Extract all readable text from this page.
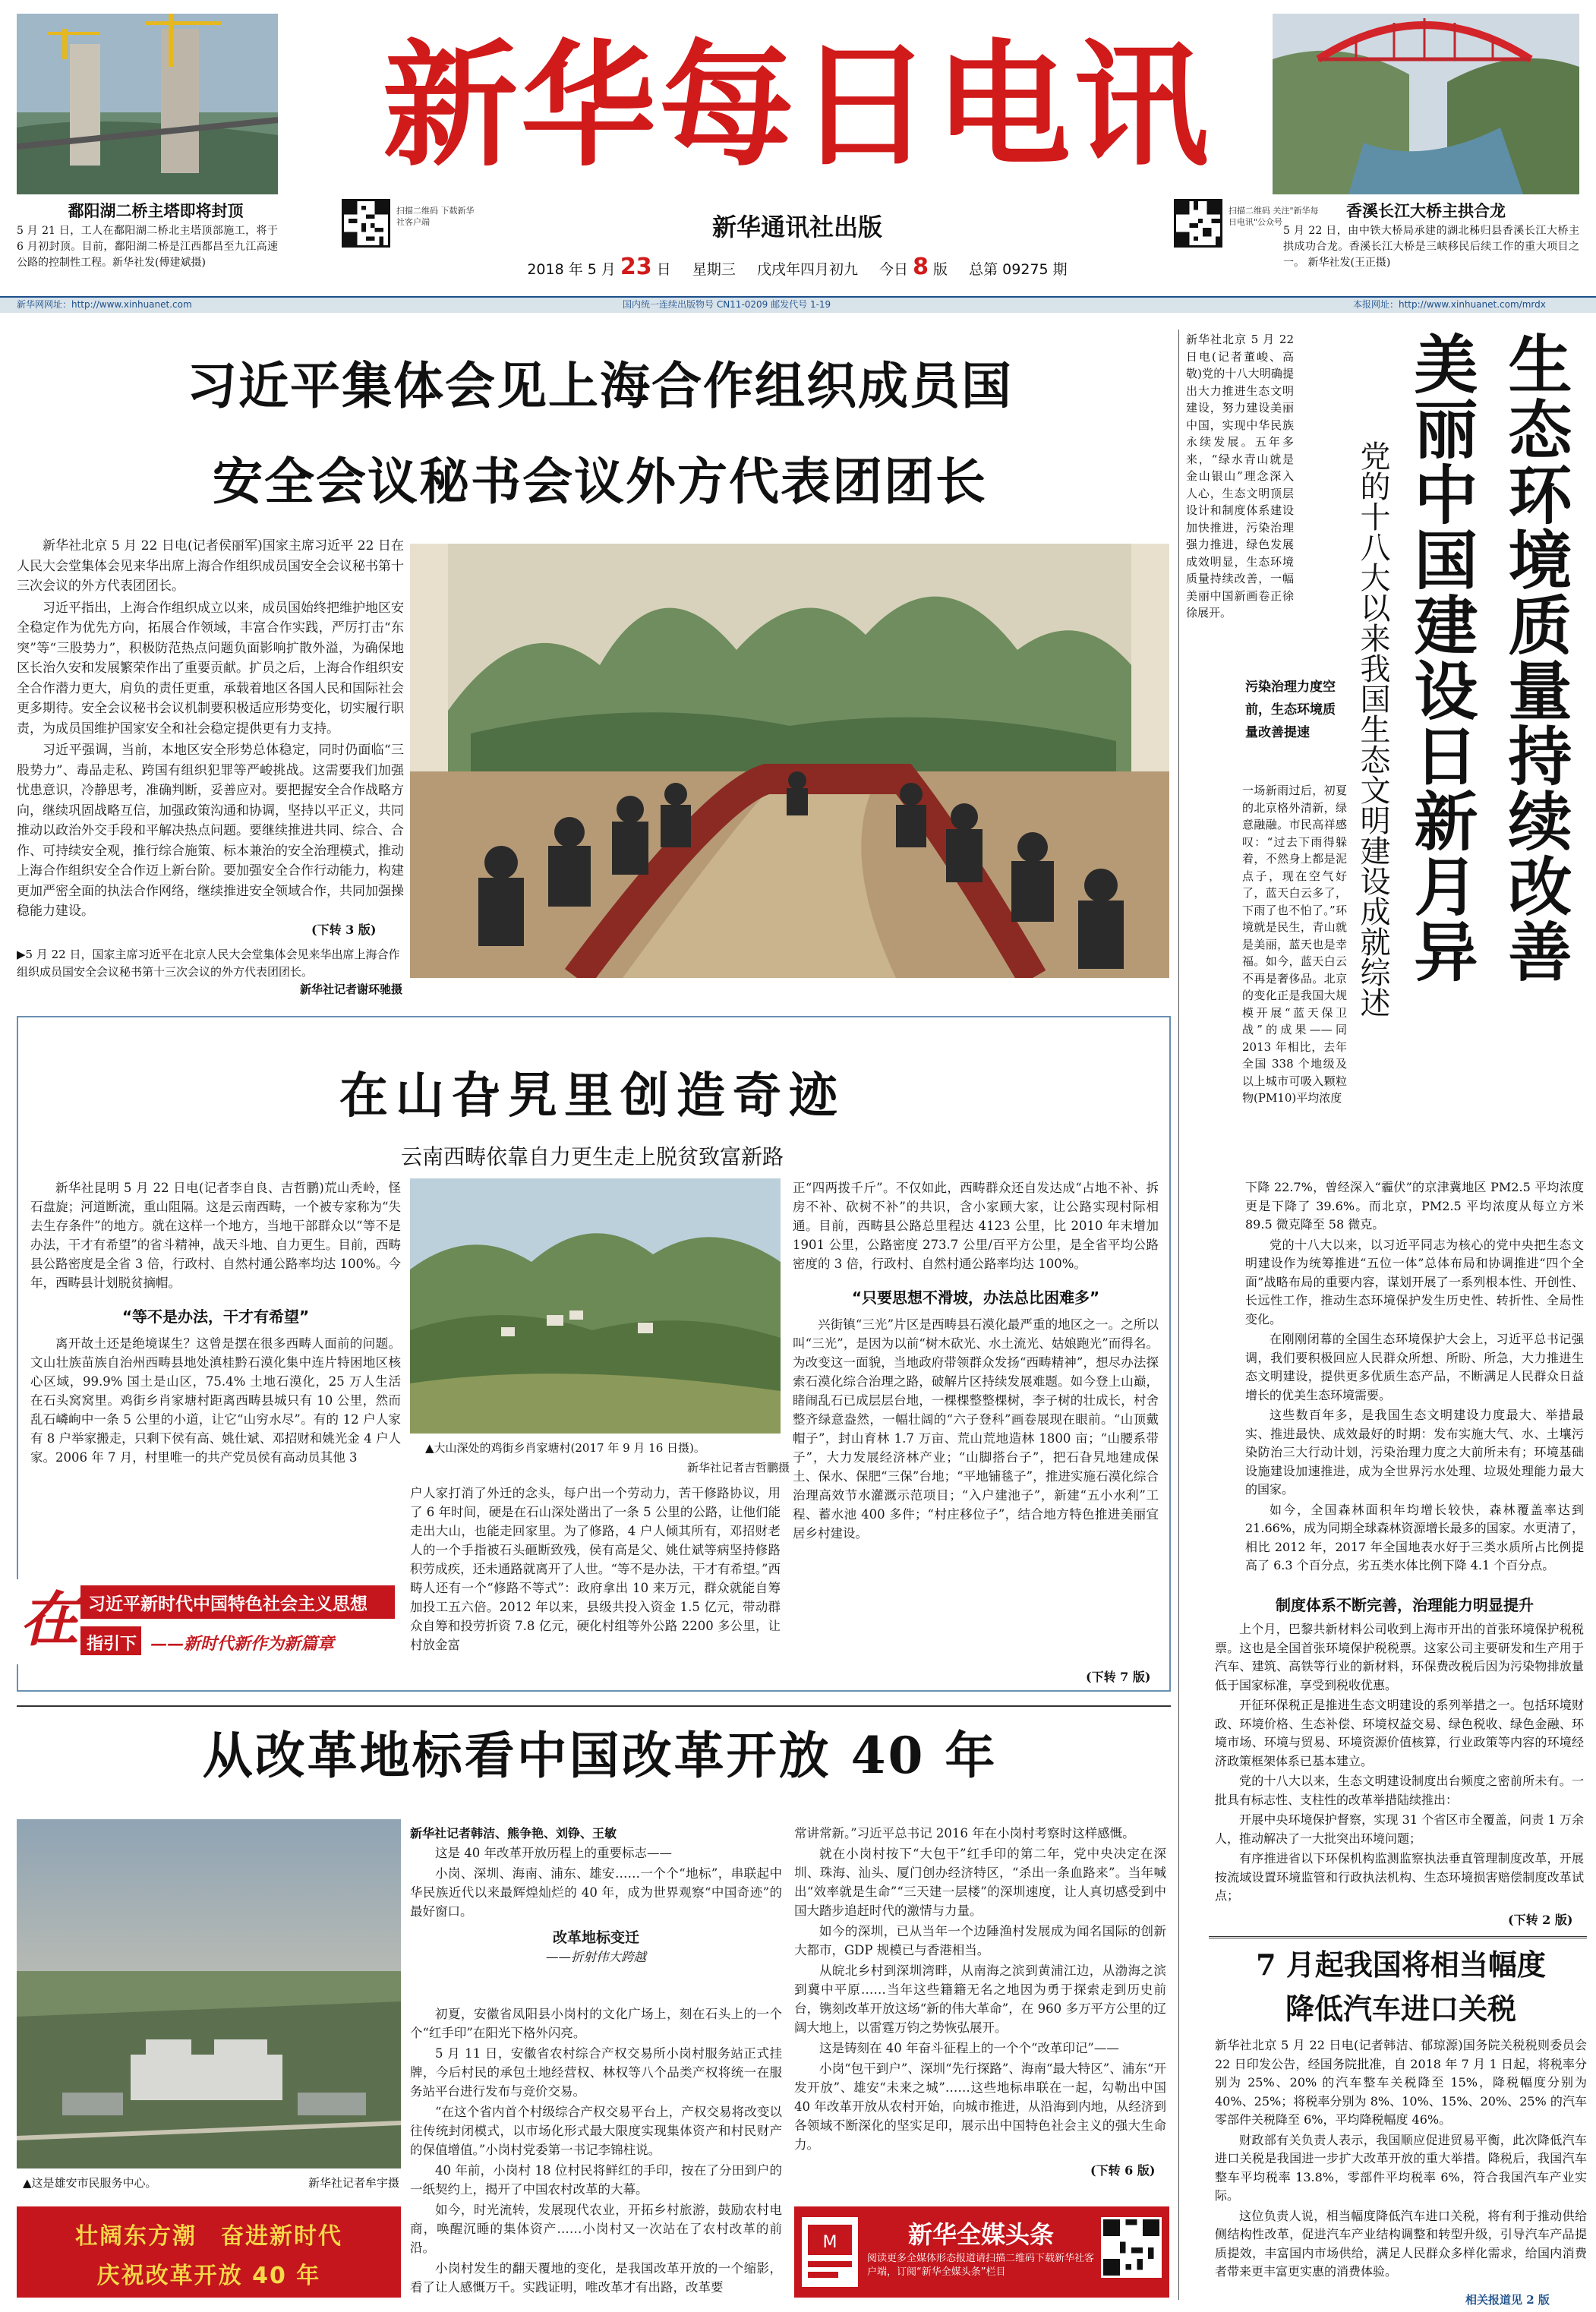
鄱阳湖二桥主塔即将封顶
5 月 21 日，工人在鄱阳湖二桥北主塔顶部施工，将于 6 月初封顶。目前，鄱阳湖二桥是江西都昌至九江高速公路的控制性工程。新华社发(傅建斌摄)
新华每日电讯
扫描二维码 下载新华社客户端
扫描二维码 关注"新华每日电讯"公众号
新华通讯社出版
2018 年 5 月 23 日 星期三 戊戌年四月初九 今日 8 版 总第 09275 期
香溪长江大桥主拱合龙
5 月 22 日，由中铁大桥局承建的湖北秭归县香溪长江大桥主拱成功合龙。香溪长江大桥是三峡移民后续工作的重大项目之一。 新华社发(王正摄)
新华网网址：http://www.xinhuanet.com	国内统一连续出版物号 CN11-0209 邮发代号 1-19	本报网址：http://www.xinhuanet.com/mrdx
习近平集体会见上海合作组织成员国
安全会议秘书会议外方代表团团长

新华社北京 5 月 22 日电(记者侯丽军)国家主席习近平 22 日在人民大会堂集体会见来华出席上海合作组织成员国安全会议秘书第十三次会议的外方代表团团长。

习近平指出，上海合作组织成立以来，成员国始终把维护地区安全稳定作为优先方向，拓展合作领域，丰富合作实践，严厉打击“东突”等“三股势力”，积极防范热点问题负面影响扩散外溢，为确保地区长治久安和发展繁荣作出了重要贡献。扩员之后，上海合作组织安全合作潜力更大，肩负的责任更重，承载着地区各国人民和国际社会更多期待。安全会议秘书会议机制要积极适应形势变化，切实履行职责，为成员国维护国家安全和社会稳定提供更有力支持。

习近平强调，当前，本地区安全形势总体稳定，同时仍面临“三股势力”、毒品走私、跨国有组织犯罪等严峻挑战。这需要我们加强忧患意识，冷静思考，准确判断，妥善应对。要把握安全合作战略方向，继续巩固战略互信，加强政策沟通和协调，坚持以平正义，共同推动以政治外交手段和平解决热点问题。要继续推进共同、综合、合作、可持续安全观，推行综合施策、标本兼治的安全治理模式，推动上海合作组织安全合作迈上新台阶。要加强安全合作行动能力，构建更加严密全面的执法合作网络，继续推进安全领域合作，共同加强操稳能力建设。

(下转 3 版)
▶5 月 22 日，国家主席习近平在北京人民大会堂集体会见来华出席上海合作组织成员国安全会议秘书第十三次会议的外方代表团团长。
新华社记者谢环驰摄
新华社北京 5 月 22 日电(记者董峻、高敬)党的十八大明确提出大力推进生态文明建设，努力建设美丽中国，实现中华民族永续发展。五年多来，“绿水青山就是金山银山”理念深入人心，生态文明顶层设计和制度体系建设加快推进，污染治理强力推进，绿色发展成效明显，生态环境质量持续改善，一幅美丽中国新画卷正徐徐展开。	生态环境质量持续改善
美丽中国建设日新月异
党的十八大以来我国生态文明建设成就综述
污染治理力度空前，生态环境质量改善提速
一场新雨过后，初夏的北京格外清新，绿意融融。市民高祥感叹：“过去下雨得躲着，不然身上都是泥点子，现在空气好了，蓝天白云多了，下雨了也不怕了。”环境就是民生，青山就是美丽，蓝天也是幸福。如今，蓝天白云不再是奢侈品。北京的变化正是我国大规模开展“蓝天保卫战”的成果——同 2013 年相比，去年全国 338 个地级及以上城市可吸入颗粒物(PM10)平均浓度

下降 22.7%，曾经深入“霾伏”的京津冀地区 PM2.5 平均浓度更是下降了 39.6%。而北京，PM2.5 平均浓度从每立方米 89.5 微克降至 58 微克。

党的十八大以来，以习近平同志为核心的党中央把生态文明建设作为统筹推进“五位一体”总体布局和协调推进“四个全面”战略布局的重要内容，谋划开展了一系列根本性、开创性、长远性工作，推动生态环境保护发生历史性、转折性、全局性变化。

在刚刚闭幕的全国生态环境保护大会上，习近平总书记强调，我们要积极回应人民群众所想、所盼、所急，大力推进生态文明建设，提供更多优质生态产品，不断满足人民群众日益增长的优美生态环境需要。

这些数百年多，是我国生态文明建设力度最大、举措最实、推进最快、成效最好的时期：发布实施大气、水、土壤污染防治三大行动计划，污染治理力度之大前所未有；环境基础设施建设加速推进，成为全世界污水处理、垃圾处理能力最大的国家。

如今，全国森林面积年均增长较快，森林覆盖率达到 21.66%，成为同期全球森林资源增长最多的国家。水更清了，相比 2012 年，2017 年全国地表水好于三类水质所占比例提高了 6.3 个百分点，劣五类水体比例下降 4.1 个百分点。

制度体系不断完善，治理能力明显提升

上个月，巴黎共新材料公司收到上海市开出的首张环境保护税税票。这也是全国首张环境保护税税票。这家公司主要研发和生产用于汽车、建筑、高铁等行业的新材料，环保费改税后因为污染物排放量低于国家标准，享受到税收优惠。

开征环保税正是推进生态文明建设的系列举措之一。包括环境财政、环境价格、生态补偿、环境权益交易、绿色税收、绿色金融、环境市场、环境与贸易、环境资源价值核算，行业政策等内容的环境经济政策框架体系已基本建立。

党的十八大以来，生态文明建设制度出台频度之密前所未有。一批具有标志性、支柱性的改革举措陆续推出：

开展中央环境保护督察，实现 31 个省区市全覆盖，问责 1 万余人，推动解决了一大批突出环境问题；

有序推进省以下环保机构监测监察执法垂直管理制度改革，开展按流域设置环境监管和行政执法机构、生态环境损害赔偿制度改革试点；

(下转 2 版)
7 月起我国将相当幅度
降低汽车进口关税

新华社北京 5 月 22 日电(记者韩洁、郁琼源)国务院关税税则委员会 22 日印发公告，经国务院批准，自 2018 年 7 月 1 日起，将税率分别为 25%、20% 的汽车整车关税降至 15%，降税幅度分别为 40%、25%；将税率分别为 8%、10%、15%、20%、25% 的汽车零部件关税降至 6%，平均降税幅度 46%。

财政部有关负责人表示，我国顺应促进贸易平衡，此次降低汽车进口关税是我国进一步扩大改革开放的重大举措。降税后，我国汽车整车平均税率 13.8%，零部件平均税率 6%，符合我国汽车产业实际。

这位负责人说，相当幅度降低汽车进口关税，将有利于推动供给侧结构性改革，促进汽车产业结构调整和转型升级，引导汽车产品提质提效，丰富国内市场供给，满足人民群众多样化需求，给国内消费者带来更丰富更实惠的消费体验。

相关报道见 2 版
在山旮旯里创造奇迹
云南西畴依靠自力更生走上脱贫致富新路

新华社昆明 5 月 22 日电(记者李自良、吉哲鹏)荒山秃岭，怪石盘旋；河道断流，重山阻隔。这是云南西畴，一个被专家称为“失去生存条件”的地方。就在这样一个地方，当地干部群众以“等不是办法，干才有希望”的省斗精神，战天斗地、自力更生。目前，西畴县公路密度是全省 3 倍，行政村、自然村通公路率均达 100%。今年，西畴县计划脱贫摘帽。

“等不是办法，干才有希望”

离开故土还是绝境谋生？这曾是摆在很多西畴人面前的问题。文山壮族苗族自治州西畴县地处滇桂黔石漠化集中连片特困地区核心区域，99.9% 国土是山区，75.4% 土地石漠化，25 万人生活在石头窝窝里。鸡街乡肖家塘村距离西畴县城只有 10 公里，然而乱石嶙峋中一条 5 公里的小道，让它“山穷水尽”。有的 12 户人家有 8 户举家搬走，只剩下侯有高、姚仕斌、邓招财和姚光金 4 户人家。2006 年 7 月，村里唯一的共产党员侯有高动员其他 3

▲大山深处的鸡街乡肖家塘村(2017 年 9 月 16 日摄)。
新华社记者吉哲鹏摄

户人家打消了外迁的念头，每户出一个劳动力，苦干修路协议，用了 6 年时间，硬是在石山深处凿出了一条 5 公里的公路，让他们能走出大山，也能走回家里。为了修路，4 户人倾其所有，邓招财老人的一个手指被石头砸断致残，侯有高是父、姚仕斌等病坚持修路积劳成疾，还未通路就离开了人世。“等不是办法，干才有希望。”西畴人还有一个“修路不等式”：政府拿出 10 来万元，群众就能自筹加投工五六倍。2012 年以来，县级共投入资金 1.5 亿元，带动群众自筹和投劳折资 7.8 亿元，硬化村组等外公路 2200 多公里，让村放金富

正“四两拨千斤”。不仅如此，西畴群众还自发达成“占地不补、拆房不补、砍树不补”的共识，含小家顾大家，让公路实现村际相通。目前，西畴县公路总里程达 4123 公里，比 2010 年末增加 1901 公里，公路密度 273.7 公里/百平方公里，是全省平均公路密度的 3 倍，行政村、自然村通公路率均达 100%。

“只要思想不滑坡，办法总比困难多”

兴街镇“三光”片区是西畴县石漠化最严重的地区之一。之所以叫“三光”，是因为以前“树木砍光、水土流光、姑娘跑光”而得名。为改变这一面貌，当地政府带领群众发扬“西畴精神”，想尽办法探索石漠化综合治理之路，破解片区持续发展难题。如今登上山巅，睹闹乱石已成层层台地，一棵棵整整棵树，李子树的壮成长，村舍整齐绿意盎然，一幅壮阔的“六子登科”画卷展现在眼前。“山顶戴帽子”，封山育林 1.7 万亩、荒山荒地造林 1800 亩；“山腰系带子”，大力发展经济林产业；“山脚搭台子”，把石旮旯地建成保土、保水、保肥“三保”台地；“平地铺毯子”，推进实施石漠化综合治理高效节水灌溉示范项目；“入户建池子”，新建“五小水利”工程、蓄水池 400 多件；“村庄移位子”，结合地方特色推进美丽宜居乡村建设。

(下转 7 版)
在 习近平新时代中国特色社会主义思想
指引下 ——新时代新作为新篇章
从改革地标看中国改革开放 40 年
▲这是雄安市民服务中心。	新华社记者牟宇摄
新华社记者韩洁、熊争艳、刘铮、王敏

这是 40 年改革开放历程上的重要标志——

小岗、深圳、海南、浦东、雄安……一个个“地标”，串联起中华民族近代以来最辉煌灿烂的 40 年，成为世界观察“中国奇迹”的最好窗口。

改革地标变迁
——折射伟大跨越

初夏，安徽省凤阳县小岗村的文化广场上，刻在石头上的一个个“红手印”在阳光下格外闪亮。

5 月 11 日，安徽省农村综合产权交易所小岗村服务站正式挂牌，今后村民的承包土地经营权、林权等八个品类产权将统一在服务站平台进行发布与竞价交易。

“在这个省内首个村级综合产权交易平台上，产权交易将改变以往传统封闭模式，以市场化形式最大限度实现集体资产和村民财产的保值增值。”小岗村党委第一书记李锦柱说。

40 年前，小岗村 18 位村民将鲜红的手印，按在了分田到户的一纸契约上，揭开了中国农村改革的大幕。

如今，时光流转，发展现代农业，开拓乡村旅游，鼓励农村电商，唤醒沉睡的集体资产……小岗村又一次站在了农村改革的前沿。

小岗村发生的翻天覆地的变化，是我国改革开放的一个缩影，看了让人感慨万千。实践证明，唯改革才有出路，改革要

常讲常新。”习近平总书记 2016 年在小岗村考察时这样感慨。

就在小岗村按下“大包干”红手印的第二年，党中央决定在深圳、珠海、汕头、厦门创办经济特区，“杀出一条血路来”。当年喊出“效率就是生命”“三天建一层楼”的深圳速度，让人真切感受到中国大踏步追赶时代的激情与力量。

如今的深圳，已从当年一个边陲渔村发展成为闻名国际的创新大都市，GDP 规模已与香港相当。

从皖北乡村到深圳湾畔，从南海之滨到黄浦江边，从渤海之滨到冀中平原……当年这些籍籍无名之地因为勇于探索走到历史前台，镌刻改革开放这场“新的伟大革命”，在 960 多万平方公里的辽阔大地上，以雷霆万钧之势恢弘展开。

这是铸刻在 40 年奋斗征程上的一个个“改革印记”——

小岗“包干到户”、深圳“先行探路”、海南“最大特区”、浦东“开发开放”、雄安“未来之城”……这些地标串联在一起，勾勒出中国 40 年改革开放从农村开始，向城市推进，从沿海到内地，从经济到各领域不断深化的坚实足印，展示出中国特色社会主义的强大生命力。

(下转 6 版)
壮阔东方潮　奋进新时代
庆祝改革开放 40 年
M	新华全媒头条
阅读更多全媒体形态报道请扫描二维码下载新华社客户端，订阅“新华全媒头条”栏目
